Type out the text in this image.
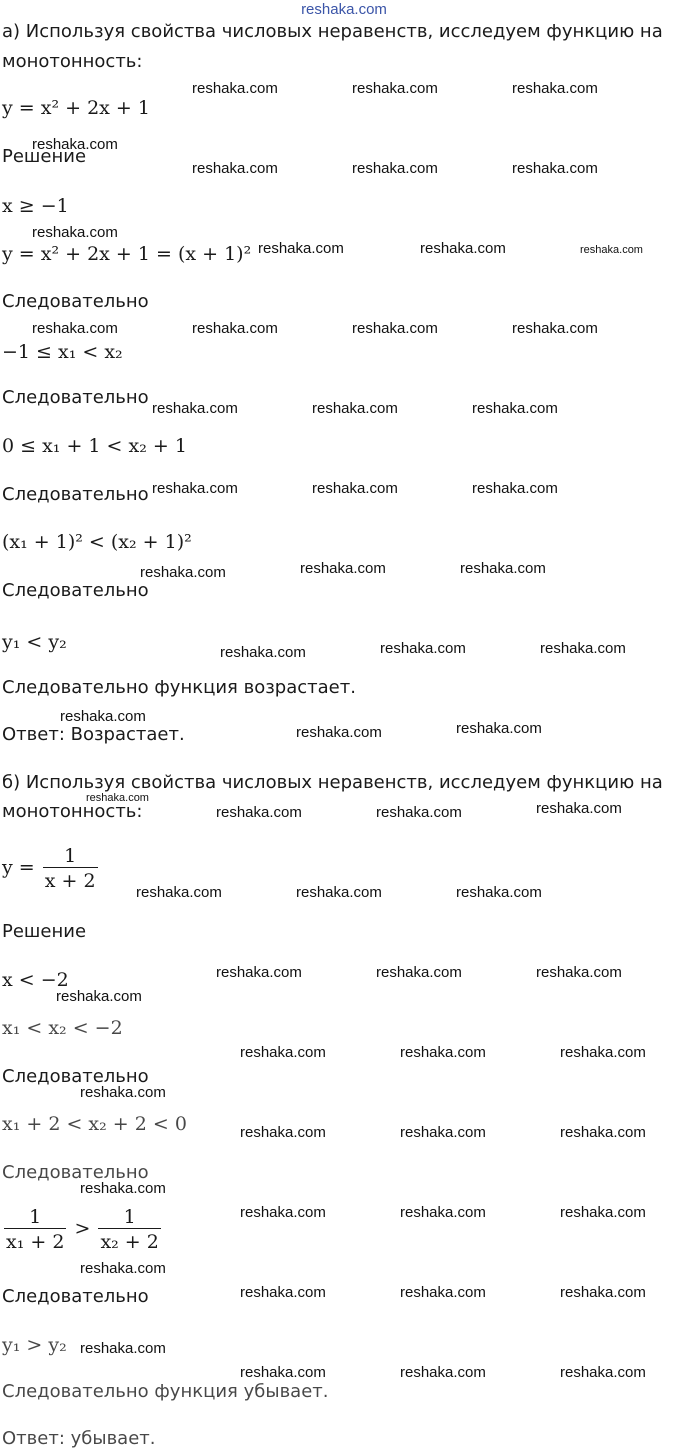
reshaka.com
а) Используя свойства числовых неравенств, исследуем функцию на
монотонность:
y = x² + 2x + 1
Решение
x ≥ −1
y = x² + 2x + 1 = (x + 1)²
Следовательно
−1 ≤ x₁ < x₂
Следовательно
0 ≤ x₁ + 1 < x₂ + 1
Следовательно
(x₁ + 1)² < (x₂ + 1)²
Следовательно
y₁ < y₂
Следовательно функция возрастает.
Ответ: Возрастает.
б) Используя свойства числовых неравенств, исследуем функцию на
монотонность:
$y = \frac{1}{x + 2}$
Решение
x < −2
x₁ < x₂ < −2
Следовательно
x₁ + 2 < x₂ + 2 < 0
Следовательно
$\frac{1}{\text{x₁ + 2}} > \frac{1}{\text{x₂ + 2}}$
Следовательно
y₁ > y₂
Следовательно функция убывает.
Ответ: убывает.
reshaka.com	reshaka.com	reshaka.com
reshaka.com
reshaka.com	reshaka.com	reshaka.com
reshaka.com
reshaka.com	reshaka.com	reshaka.com
reshaka.com	reshaka.com	reshaka.com	reshaka.com
reshaka.com	reshaka.com	reshaka.com
reshaka.com	reshaka.com	reshaka.com
reshaka.com	reshaka.com	reshaka.com
reshaka.com	reshaka.com	reshaka.com
reshaka.com
reshaka.com	reshaka.com
reshaka.com
reshaka.com	reshaka.com	reshaka.com
reshaka.com	reshaka.com	reshaka.com
reshaka.com	reshaka.com	reshaka.com
reshaka.com
reshaka.com	reshaka.com	reshaka.com
reshaka.com
reshaka.com	reshaka.com	reshaka.com
reshaka.com
reshaka.com	reshaka.com	reshaka.com
reshaka.com
reshaka.com	reshaka.com	reshaka.com
reshaka.com
reshaka.com	reshaka.com	reshaka.com
